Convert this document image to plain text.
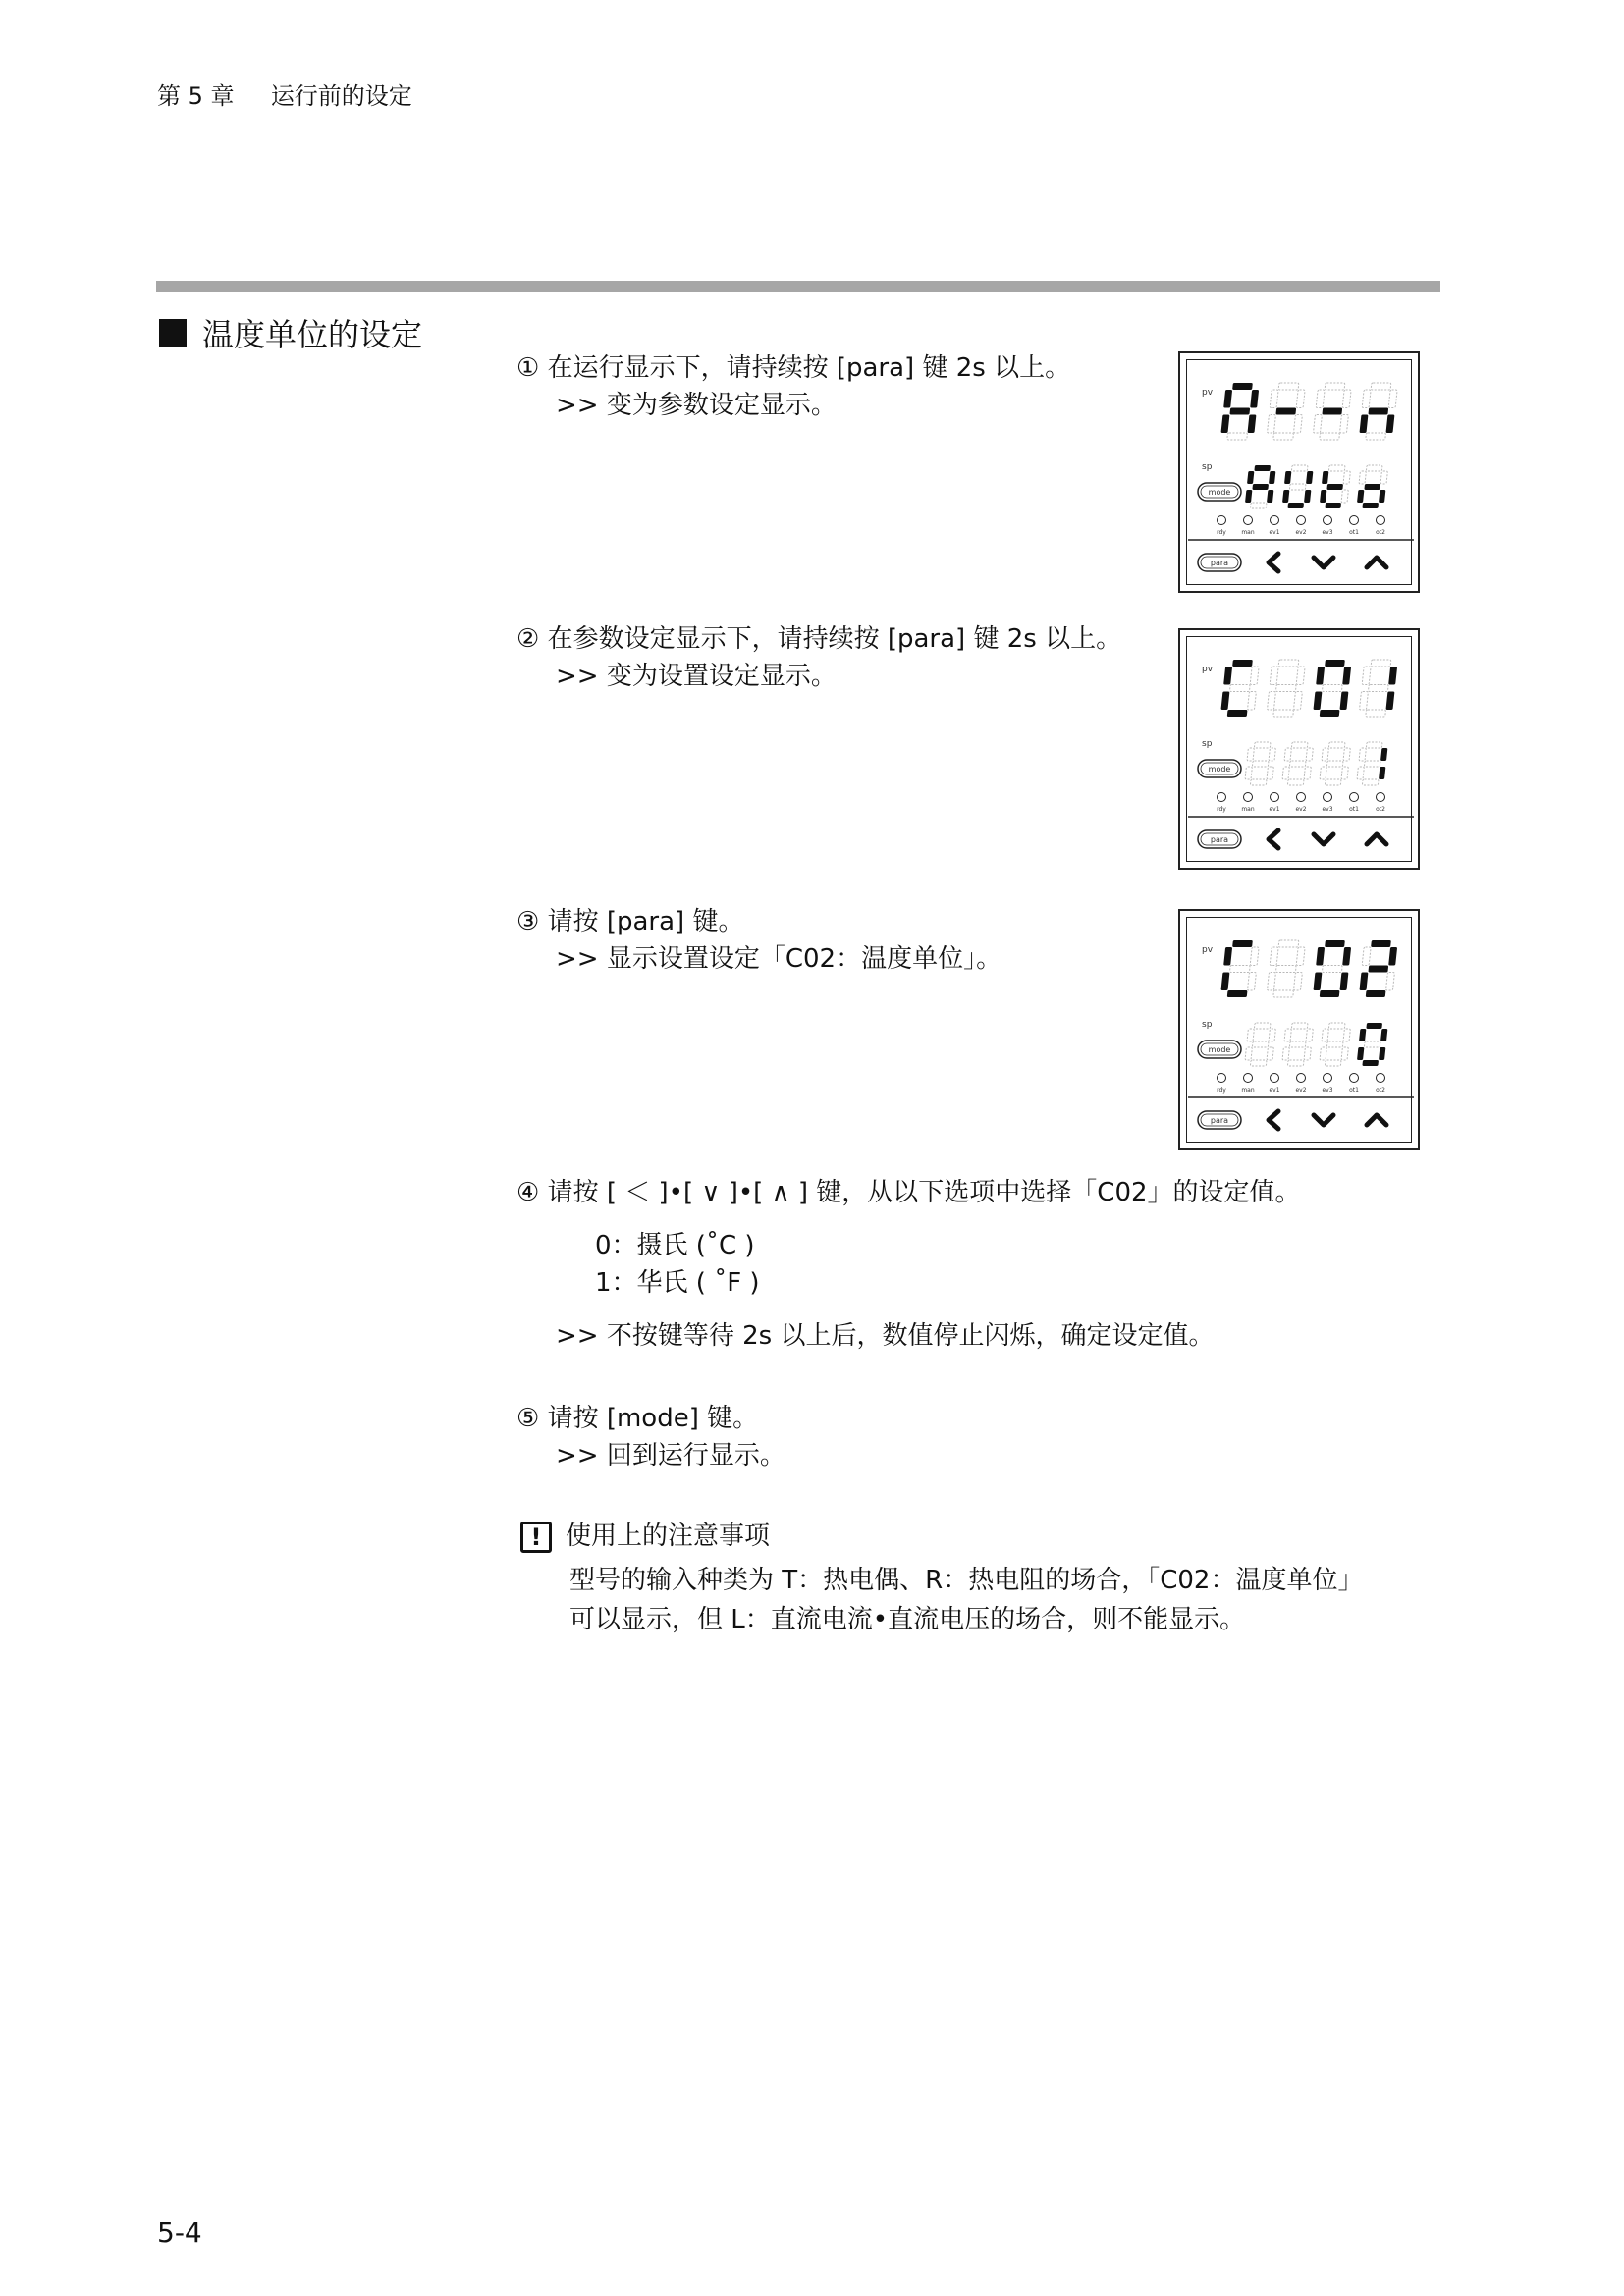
第 5 章 运行前的设定
温度单位的设定
① 在运行显示下，请持续按 [para] 键 2s 以上。
>> 变为参数设定显示。
② 在参数设定显示下，请持续按 [para] 键 2s 以上。
>> 变为设置设定显示。
③ 请按 [para] 键。
>> 显示设置设定「C02：温度单位」。
④ 请按 [ ＜ ]•[ ∨ ]•[ ∧ ] 键，从以下选项中选择「C02」的设定值。
0：摄氏 (˚C )
1：华氏 ( ˚F )
>> 不按键等待 2s 以上后，数值停止闪烁，确定设定值。
⑤ 请按 [mode] 键。
>> 回到运行显示。
! 使用上的注意事项
型号的输入种类为 T：热电偶、R：热电阻的场合，「C02：温度单位」
可以显示，但 L：直流电流•直流电压的场合，则不能显示。
pv
sp
mode
rdy	man ev1	ev2	ev3	ot1	ot2
para
pv
sp
mode
rdy	man ev1	ev2	ev3	ot1	ot2
para
pv
sp
mode
rdy	man ev1	ev2	ev3	ot1	ot2
para
5-4
